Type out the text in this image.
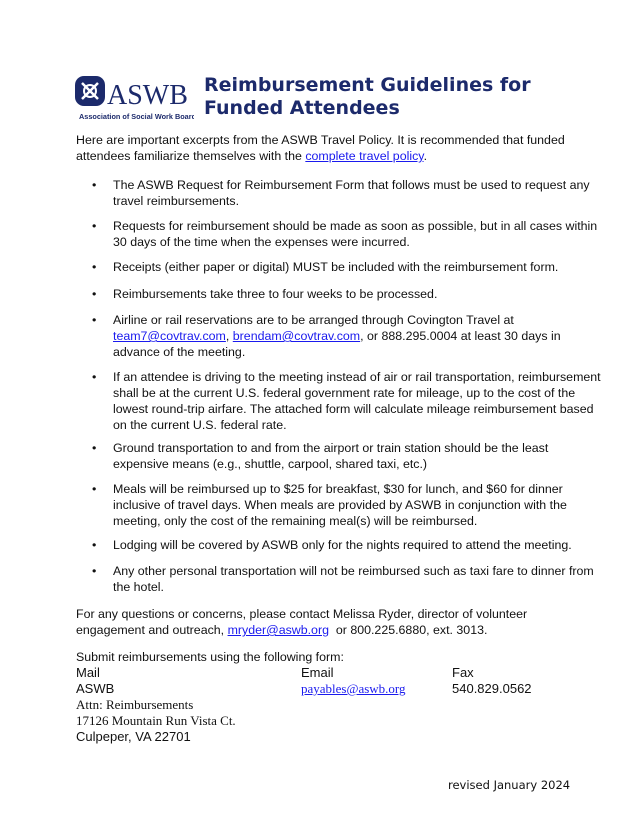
ASWB
Association of Social Work Boards
Reimbursement Guidelines for
Funded Attendees
Here are important excerpts from the ASWB Travel Policy. It is recommended that funded attendees familiarize themselves with the complete travel policy.
• The ASWB Request for Reimbursement Form that follows must be used to request any travel reimbursements.
• Requests for reimbursement should be made as soon as possible, but in all cases within 30 days of the time when the expenses were incurred.
• Receipts (either paper or digital) MUST be included with the reimbursement form.
• Reimbursements take three to four weeks to be processed.
• Airline or rail reservations are to be arranged through Covington Travel at team7@covtrav.com, brendam@covtrav.com, or 888.295.0004 at least 30 days in advance of the meeting.
• If an attendee is driving to the meeting instead of air or rail transportation, reimbursement shall be at the current U.S. federal government rate for mileage, up to the cost of the lowest round-trip airfare. The attached form will calculate mileage reimbursement based on the current U.S. federal rate.
• Ground transportation to and from the airport or train station should be the least expensive means (e.g., shuttle, carpool, shared taxi, etc.)
• Meals will be reimbursed up to $25 for breakfast, $30 for lunch, and $60 for dinner inclusive of travel days. When meals are provided by ASWB in conjunction with the meeting, only the cost of the remaining meal(s) will be reimbursed.
• Lodging will be covered by ASWB only for the nights required to attend the meeting.
• Any other personal transportation will not be reimbursed such as taxi fare to dinner from the hotel.
For any questions or concerns, please contact Melissa Ryder, director of volunteer engagement and outreach, mryder@aswb.org  or 800.225.6880, ext. 3013.
Submit reimbursements using the following form:
Mail
ASWB
Attn: Reimbursements
17126 Mountain Run Vista Ct.
Culpeper, VA 22701
Email
payables@aswb.org
Fax
540.829.0562
revised January 2024
